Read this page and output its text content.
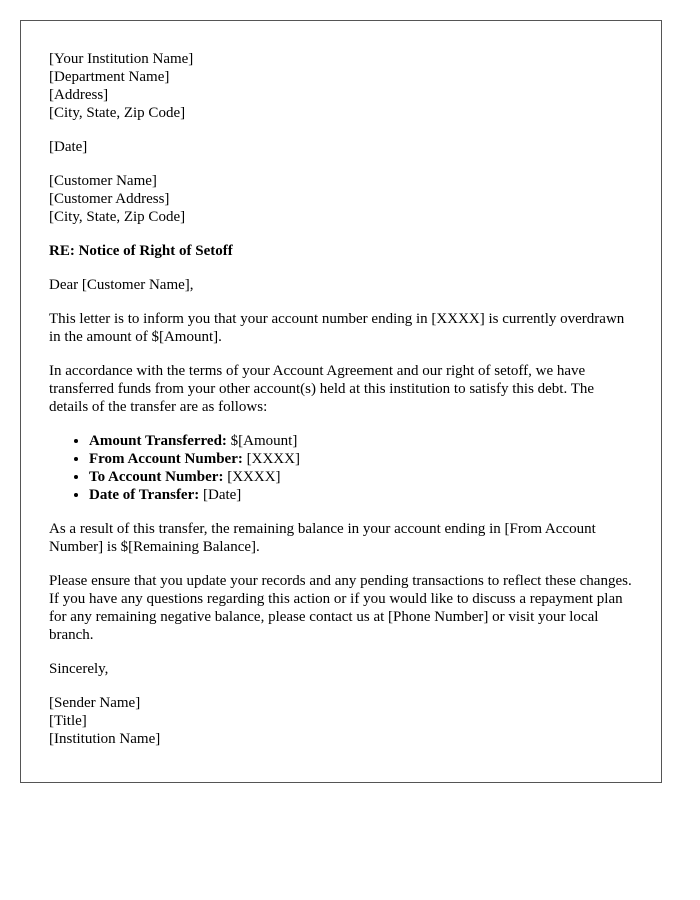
[Your Institution Name]
[Department Name]
[Address]
[City, State, Zip Code]
[Date]
[Customer Name]
[Customer Address]
[City, State, Zip Code]

RE: Notice of Right of Setoff

Dear [Customer Name],

This letter is to inform you that your account number ending in [XXXX] is currently overdrawn in the amount of $[Amount].

In accordance with the terms of your Account Agreement and our right of setoff, we have transferred funds from your other account(s) held at this institution to satisfy this debt. The details of the transfer are as follows:

• Amount Transferred: $[Amount]
• From Account Number: [XXXX]
• To Account Number: [XXXX]
• Date of Transfer: [Date]

As a result of this transfer, the remaining balance in your account ending in [From Account Number] is $[Remaining Balance].

Please ensure that you update your records and any pending transactions to reflect these changes. If you have any questions regarding this action or if you would like to discuss a repayment plan for any remaining negative balance, please contact us at [Phone Number] or visit your local branch.

Sincerely,

[Sender Name]
[Title]
[Institution Name]
